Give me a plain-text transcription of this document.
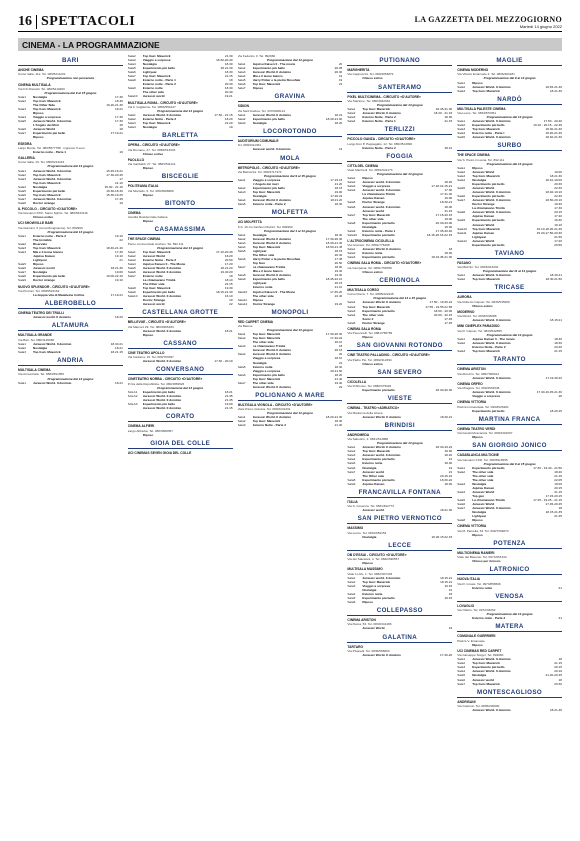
16 SPETTACOLI	LA GAZZETTA DEL MEZZOGIORNO
Martedì 14 giugno 2022
CINEMA - LA PROGRAMMAZIONE
BARI
ANCHE CINEMA
Corso Italia, 112. Tel. 080/5211201
Programmazione non pervenuta
CINEMA MULTISALA
Via F.lli Rosselli. Tel. 080/5210260
Programmazione dal 9 al 15 giugno
Sala1	Nostalgia	17.30
Sala2	Top Gun: Maverick	18.30
The Other Side	19.20-21.30
Sala3	Top Gun: Maverick	18.21
Riposo
Sala4	Viaggio a sorpresa	17.30
Sala5	Jurassic World. Il dominio	17.30
L'Angelo dei Muri	18
Sala6	Jurassic World	18
Sala7	Esperimento più bello	17.19.21
Riposo
ESEDRA
Largo Monte. Tel. 080/5577788 · ingresso 5 euro
Esterno notte - Parte 1	19
GALLERIA
Corso Italia, 15. Tel. 080/5214343
Programmazione dal 14 giugno
Sala1	Jurassic World. Il dominio	15.45-19.21
Sala2	Top Gun: Maverick	17.30-20.45
Sala3	Jurassic World. Il dominio	17
Top Gun: Maverick	21.10
Sala4	Nostalgia	15.30 - 21.15
Sala5	Esperimento più bello	16.30-18.30
Sala6	Top Gun: Maverick	15.35-19.25
Sala7	Jurassic World. Il dominio	17.45
Sala8	Doctor strange	19
IL PICCOLO - CIRCUITO «D'AUTORE»
Via Giovanni XXIII, Santo Spirito. Tel. 080/5333116
Chiuso estivo
UCI SHOWVILLE BARI
Via Giannini, 9 (zona Mungivacca). Tel. 892960
Programmazione dal 14 giugno
Sala1	Esterno notte - Parte 2	19.10
The Invisible	22
Sala2	Riservato
Sala3	Top Gun: Maverick	18.40-21.40
Sala4	Mia e il leone bianco	17.30
Jujutsu Kaisen	19.10
Lightyear	21
Sala5	Riposo
Sala6	Jurassic world	18.21.30
Sala7	Nostalgia	19.00
Sala8	Esperimento più bello	19.00-22.10
Sala9	Doctor strange	19.10
NUOVO SPLENDOR - CIRCUITO «D'AUTORE»
Via Piccinni. Tel. 080/5522162
La doppia vita di Madeleine Collins	17.19.21
ALBEROBELLO
CINEMA TEATRO DEI TRULLI
Jurassic world. Il dominio	18.20
ALTAMURA
MULTISALA GRANDE
Via Bari. Tel. 080/3145060
Sala1	Jurassic World. Il dominio	18.30.21
Sala2	Nostalgia	18.21
Sala3	Top Gun: Maverick	18.21.15
ANDRIA
MULTISALA CINEMA
Via Annunziata. Tel. 0883/591555
Programmazione dal 14 giugno
Sala1	Jurassic World. Il dominio	18.21
Sala2	Top Gun: Maverick	21.30
Sala3	Viaggio a sorpresa	18.30-20.40
Sala4	Nostalgia	18.30
Sala5	Esperimento più bello	18.21.30
Sala6	Lightyear	18.30
Sala7	Top Gun: Maverick	21.15
Sala8	Esterno notte - Parte 1	18
Esterno notte - Parte 2	20.30
Sala9	Esterno notte	18.30
The other side	20.40
Sala10	Jurassic world	19.21
MULTISALA ROMA - CIRCUITO «D'AUTORE»
Via F. Guglielmo. Tel. 0883/554447
Programmazione dal 14 giugno
Sala1	Jurassic World. Il dominio	17.30 - 21.15
Sala2	Esterno Notte - Parte 2	18.20
Sala3	Top Gun: Maverick	21.20
Sala4	Nostalgia	19
BARLETTA
OPERA - CIRCUITO «D'AUTORE»
Via Romano, 27. Tel. 0883/513333
Chiuso estivo
PAOLILLO
Via Garibaldi, 27. Tel. 0883/511121
Riposo
BISCEGLIE
POLITEAMA ITALIA
Via Montello, 6. Tel. 080/3968680
Riposo
BITONTO
CINEMA
Vendita Residenziale Italiana
Riposo
CASAMASSIMA
THE SPACE CINEMA
Parco commerciale Auchan. Tel. 892.111
Programmazione dal 14 giugno
Sala1	Top Gun: Maverick	17.10-20.30
Sala2	Jurassic World	18.20
Sala3	Esterno Notte - Parte 2	20.50
Sala4	Jujutsu Kaisen 0 - The Movie	17.20
Sala5	Jurassic World. Il dominio	18.21.20
Sala6	Jurassic World. Il dominio	19.40.20
Sala7	Esterno notte	18
La chiamavano Trinità	18.10
The Other side	22.15
Sala8	Top Gun: Maverick	19.30
Sala9	Esperimento più bello	18.15-21.40
Sala10	Jurassic World. Il dominio	16.10
Doctor Strange	19
Jurassic world	22
CASTELLANA GROTTE
BELLEVUE - CIRCUITO «D'AUTORE»
Via Marconi 29. Tel. 080/4965183
Jurassic World. Il dominio	18.21
Riposo
CASSANO
CINE TEATRO APOLLO
Via Cadorna, 15. Tel. 080/763397
Jurassic World. Il dominio	17.30 - 20.10
CONVERSANO
CINETEATRO NORBA - CIRCUITO «D'AUTORE»
P.zza della Repubblica. Tel. 080/4959523
Programmazione dal 14 giugno
SALA1	Esperimento più bello	18.21
SALA2	Jurassic World. Il dominio	21.45
Jurassic World. Il dominio	21.45
SALA3	Esperimento più bello	19.00
Jurassic World. Il dominio	21.15
CORATO
CINEMA ALFIERI
Largo Abbazia. Tel. 080/3588357
Riposo
GIOIA DEL COLLE
UCI CINEMAS SEVEN GIOIA DEL COLLE
Via Federico II. Tel. 892960
Programmazione dal 14 giugno
Sala1	Jujutsu Kaisen 0 - The movie	20
Sala2	Esperimento più bello	20.05
Sala3	Jurassic World. Il dominio	20.30
Sala4	Mia e il leone bianco	19
Sala5	Harry Potter e la pietra filosofale	19
Sala6	Top Gun: Maverick	21
Sala7	Riposo
GRAVINA
SIDION
Via Sant'Andrea. Tel. 347/9400121
Sala1	Jurassic World. Il dominio	18.21
Sala2	Esperimento più bello	18.30-21.00
Sala3	Nostalgia	18.20
LOCOROTONDO
AUDITORIUM COMUNALE
Tel. 080/4311361
Jurassic world. Il dominio	19
MOLA
METROPOLIS - CIRCUITO «D'AUTORE»
Via Bainsizza. Tel. 080/4717474
Programmazione dal 9 al 15 giugno
Sala1	Viaggio a sorpresa	17.19.15
L'Angelo dei muri	21.20
Sala2	Esperimento più bello	18.15
Sala3	Top Gun: Maverick	19.00
Nostalgia	17.20.22
Sala4	Jurassic World. Il dominio	18.21.20
Sala5	Esterno notte - Parte 2	18.30
MOLFETTA
UCI MOLFETTA
S.S. 16 c/o Fashion District. Tel. 892960
Programmazione dal 1 al 14 giugno
Sala1	Nostalgia	18.30
Sala2	Jurassic World. Il dominio	17.30-20.30
Sala3	Jurassic World. Il dominio	18.30-21.30
Sala4	Top Gun: Maverick	18.50-21.45
Sala5	Lightyear	18.15
The Other side	20.30
Sala6	Harry Potter e la pietra filosofale	17.45
Top Gun	20.50
Sala7	La chiamavano Trinità	18.00
Mia e il leone bianco	19.30
Sala8	Jurassic World. Il dominio	19.30
Sala9	Esperimento più bello	18.45-22.10
Lightyear	20.15
Esterno notte	21.10
Sala10	Jujutsu Kaisen 0 - The Movie	17.35-20
The other side	22.40
Sala11	Riposo
Sala12	Doctor Strange	19.20
MONOPOLI
RED CARPET CINEMA
Via Baione
Programmazione dal 14 giugno
Sala1	Top Gun: Maverick	17.30-20.30
Sala2	Top Gun: Maverick	17.40-22
The other side	20.10
Sala3	La chiamavano Trinità	18
Jurassic World. Il dominio	20.15
Sala4	Jurassic World. Il dominio	20
Viaggio a sorpresa	18.10
Nostalgia	21
Sala5	Esterno notte	18.30
Viaggio a sorpresa	20.21.50
Sala6	Esperimento più bello	18.20
Top Gun: Maverick	21.40
Sala7	The other side	19.40
Jurassic World. Il dominio	22
POLIGNANO A MARE
MULTISALA VIGNOLA - CIRCUITO «D'AUTORE»
Viale Parco Gravina. Tel. 080/4241331
Programmazione dal 14 giugno
Sala1	Jurassic World. Il dominio	18.20-21.30
Sala2	Top Gun: Maverick	18.30
Sala3	Esterno Notte - Parte 2	21.30
PUTIGNANO
MARGHERITA
Via Cappuccini. Tel. 080/4053879
Chiuso estivo
SANTERAMO
PIXEL MULTICINEMA - CIRCUITO «D'AUTORE»
Via Stazione. Tel. 080/3032032
Programmazione dal 14 giugno
Sala1	Top Gun: Maverick	18.45-21.30
Sala2	Jurassic World. Il dominio	18.20 - 21.15
Sala3	Esterno Notte - Parte 2	18.30
Sala4	Esterno Notte - Parte 1	21.15
TERLIZZI
PICCOLO GANZA - CIRCUITO «D'AUTORE»
Largo Don P. Pappagallo, 12. Tel. 080/3513090
Esterno Notte - Parte 2	18.21
FOGGIA
CITTA DEL CINEMA
Viale Manfredi. Tel. 0881/642173
Programmazione dal 14 giugno
Sala1	Riposo
Sala2	Jurassic world. Il dominio	18.20
Sala3	Viaggio a sorpresa	17.18.19.15-21
Sala4	Jurassic world. Il dominio	17.30
La chiamavano Trinità	17.21.30
Jujutsu Kaisen	19.00
Sala5	Doctor Strange	18.30-21
Sala6	Jurassic world. Il dominio	18.00
Jurassic world	21.15
Sala7	Top Gun: Maverick	17.15-20.15
The other side	19.00
Sala8	Esperimento più bello	20.30-23.00
Nostalgia	19.30
Sala9	Esterno notte - Parte 1	17.35-20.40
Sala10	Esperimento più bello	18.15-20.15-22.15
L'ALTROCINEMA CICOLELLA
Via Gramsci. Tel. 0881/776498
Sala1	Jurassic World. Il dominio	18
Sala2	Esterno notte	18.30
Sala3	Esperimento più bello	18.19.45-21.30
CINEMA SALA ROMA - CIRCUITO «D'AUTORE»
via Campania. Tel. 0881/758789
Chiuso estivo
CERIGNOLA
MULTISALA CORSO
Corso Roma, 7. Tel. 0885/422445
Programmazione dal 14 e 15 giugno
Sala1	Jurassic World. Il dominio	17.50 - 19.45.22
Sala2	Top Gun: Maverick	17.55 - 19.55.21.55
Sala3	Esperimento più bello	18.00 - 20.00
Sala4	The other side	20.00 - 22.15
Sonic 2	17.45
Sala5	Doctor Strange	17.45
CINEMA SALA ROMA
Via Pavoncelli. Tel. 0881/758789
Riposo
SAN GIOVANNI ROTONDO
CINE TEATRO PALLADINO - CIRCUITO «D'AUTORE»
Via Padre Pio. Tel. 0882/412394
Chiuso estivo
SAN SEVERO
CICOLELLA
Via D'Alfonso. Tel. 0882/375346
Esperimento più bello	18.30-20.30
VIESTE
CINEMA - TEATRO «ADRIATICO»
Via Madonna della Libera
Jurassic World. Il dominio	18.20.21
BRINDISI
ANDROMEDA
Via Sabotino, 2. 0831/514888
Programmazione dal 14 giugno
Sala1	Jurassic World. Il dominio	18.30-19.22
Sala2	Top Gun: Maverick	19.30
Sala3	Jurassic world. Il dominio	18.20
Sala4	Esperimento più bello	21
Sala5	Esterno notte	18.30
Sala6	Nostalgia	19
Sala7	Jurassic world	21
The Other side	20.15.22
Sala8	Esperimento più bello	18.30-22
Sala9	Jujutsu Kaisen	18.00
FRANCAVILLA FONTANA
ITALIA
Via S. Cosenza. Tel. 0831/812772
Jurassic world	18.21.30
SAN PIETRO VERNOTICO
MASSIMO
Via Lecce. Tel. 0831/652154
Nostalgia	18.20.15.22.15
LECCE
DB D'ESSAI - CIRCUITO «D'AUTORE»
Via dei Salesiani, 4. Tel. 0832/390557
Riposo
MULTISALA MASSIMO
Viale Lo Re, 1. Tel. 0832/307433
Sala1	Jurassic world. Il dominio	18.15.21
Sala2	Top Gun: Maverick	18.15.21
Sala3	Viaggio a sorpresa	19.15
Nostalgia	21
Sala4	Esterno notte	18
Sala5	Esperimento più bello	19.15
Sala6	Riposo
COLLEPASSO
CINEMA ARISTON
Via Roma, 53. Tel. 0833/341496
Jurassic World	19
GALATINA
TARTARO
Via Pisanelli. Tel. 0836/566663
Jurassic World. Il dominio	17.30-20
MAGLIE
CINEMA MODERNO
Via Vittorio Emanuele II. Tel. 0836/484181
Programmazione dal 9 al 14 giugno
Sala1	Riposo
Sala2	Jurassic World. Il dominio	18.45-21.30
Sala3	Top Gun: Maverick	18.21.30
NARDÒ
MULTISALA PALESTE CINEMA
Via Lecce. Tel. 0833/870051
Programmazione dal 14 giugno
Sala1	Jurassic World. Il dominio	17.50 - 20.40
Sala2	Esperimento più bello	19.10 - 20.15 - 22.45
Sala3	Top Gun: Maverick	18.30-21.30
Sala4	Esterno notte - Parte I	18.20-21.30
Sala5	Jurassic World. Il dominio	18.40-21.30
SURBO
THE SPACE CINEMA
Via S. Pietro in Lama. Tel. 892.111
Programmazione dal 14 giugno
Sala1	Riposo
Sala2	Jurassic World	19.00
Sala3	Top Gun: Maverick	18.21.30
Sala4	Nostalgia	18.10-19.00
Esperimento più bello	20.30
Sala5	Jurassic World	22.30
Jurassic World. Il dominio	18.40-19.10
Sala6	Esperimento più bello	22.30
Sala7	Jurassic World. Il dominio	18.50-20.10
Doctor Strange	19.30
La chiamavano Trinità	17.30
Sala8	Jurassic World. Il dominio	20.15
Jujutsu Kaisen	17.40
Sala9	Esperimento più bello	16.30
Jurassic World	19.10
Sala10	Top Gun: Maverick	15.10-18.20-21.40
Sala11	Jujutsu Kaisen	15.20-17.50-20.30
Lightyear	21.50
Sala12	Jurassic World	17.20
Esperimento più bello	20.50
TAVIANO
FASANO
Via Mazzini. Tel. 0833/913232
Programmazione dal 11 al 14 giugno
Sala1	Jurassic World. Il dominio	18.30.21
Sala2	Top Gun: Maverick	18.30.21.50
TRICASE
AURORA
Via Roberto Caputo. Tel. 0833/545289
Chiuso estivo
MODERNO
Via Rimini. Tel. 0833/545288
Jurassic World. Il dominio	18.15.21
MINI CINEPLEX PARADISO
Via R. Caputo. Tel. 0833/542855
Programmazione dal 14 giugno
Sala1	Jujutsu Kaisen 0 - The movie	18.30
Sala2	Jurassic World. Il dominio	18.30
Esterno Notte - Parte 2	20.20
Sala3	Top Gun: Maverick	21.15
TARANTO
CINEMA ARISTON
Via Abruzzo. Tel. 099/7369914
Jurassic World. Il dominio	17.19.30.22
CINEMA ORFEO
Via Pitagora. Tel. 099/4532946
Jurassic World. Il dominio	17.30-19.45-21.30
Viaggio a sorpresa	18
CINEMA VITTORIA
Piazza Immacolata. Tel. 099/4526261
Esperimento più bello	18.20.15
MARTINA FRANCA
CINEMA TEATRO VERDI
Via Fanelli Moscaccia. Tel. 080/4301007
Riposo
SAN GIORGIO JONICO
CASABLANCA MULTICINE
Via Giovanni XXIII. Tel. 099/5916555
Programmazione dal 9 al 15 giugno
Sala1	Esperimento più bello	17.30 - 19.40 - 21.50
Sala2	The other side	18.40
The other side	21.15
The other side	22.05
Sala3	Nostalgia	19.00
Jujutsu Kaisen	20.15
Sala4	Jurassic World	21.15
Top gun	17.15-20.15
Sala5	La chiamavano Trinità	17.25 - 19.25 - 21.15
Sala6	Jurassic World	17.45-20.45
Sala7	Jurassic World. Il dominio	18
Nostalgia	18.15.21.35
Lightyear	21.45
Sala8	Riposo
CINEMA VITTORIA
Via M. Pietrella, 33. Tel. 099/7339070
Riposo
POTENZA
MULTICINEMA RANIERI
Viale del Basento. Tel. 0971/651344
Chiuso per rinnovo
LATRONICO
NUOVA ITALIA
Via R. Grossi. Tel. 0973/858526
Esterno notte	21
VENOSA
LOVAGLIO
Via Ofanto. Tel. 0972/33252
Programmazione dal 14 giugno
Esterno notte - Parte 2	21
MATERA
COMUNALE GUERRIERI
Piazza V. Emanuele
Riposo
UCI CINEMAS RED CARPET
Via Giuseppe Sorger. Tel. 892960
Sala1	Jurassic World. Il dominio	18
Sala2	Top Gun: Maverick	21.15
Sala3	Esperimento più bello	20.15
Sala4	Jurassic World. Il dominio	20.10
Sala5	Nostalgia	21.20-20.45
Sala6	Jurassic world	18
Sala7	Top Gun: Maverick	20.30
MONTESCAGLIOSO
ANDRISANI
Via Gramsci. Tel. 0835/200690
Jurassic World. Il dominio	18.21.45
